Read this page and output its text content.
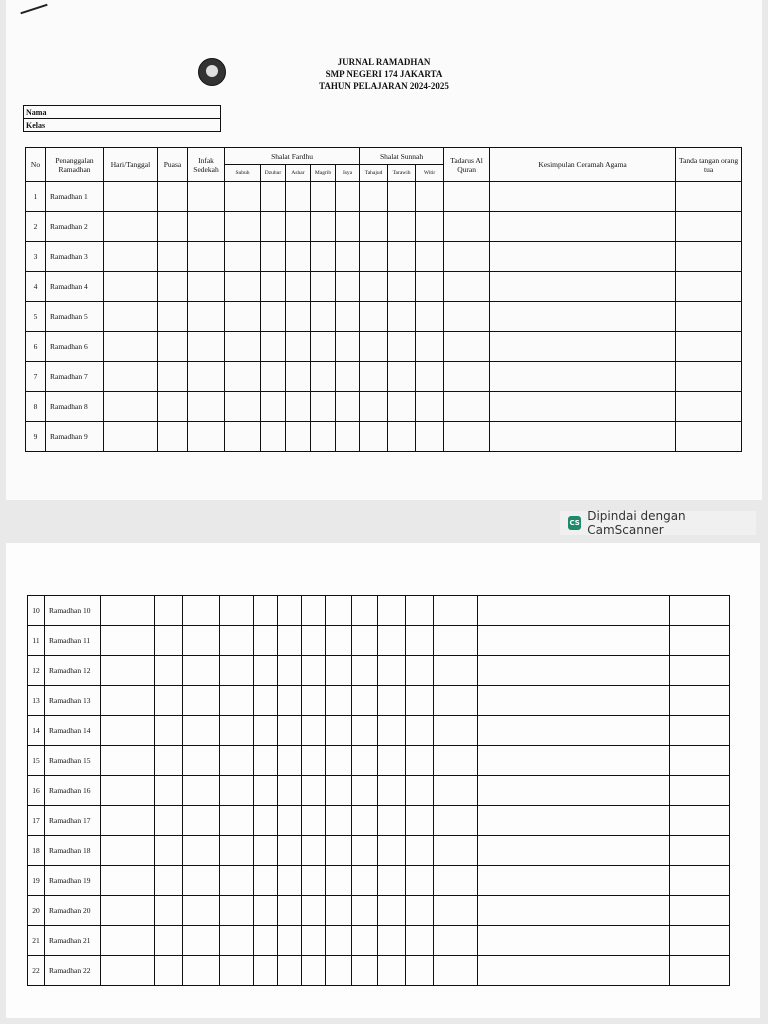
JURNAL RAMADHAN
SMP NEGERI 174 JAKARTA
TAHUN PELAJARAN 2024-2025
Nama
Kelas
No	Penanggalan Ramadhan	Hari/Tanggal	Puasa	Infak Sedekah	Shalat Fardhu					Shalat Sunnah			Tadarus Al Quran	Kesimpulan Ceramah Agama	Tanda tangan orang tua
					Subuh	Dzuhur	Ashar	Magrib	Isya	Tahajud	Tarawih	Witir			
1	Ramadhan 1														
2	Ramadhan 2														
3	Ramadhan 3														
4	Ramadhan 4														
5	Ramadhan 5														
6	Ramadhan 6														
7	Ramadhan 7														
8	Ramadhan 8														
9	Ramadhan 9														
CS Dipindai dengan CamScanner
10	Ramadhan 10														
11	Ramadhan 11														
12	Ramadhan 12														
13	Ramadhan 13														
14	Ramadhan 14														
15	Ramadhan 15														
16	Ramadhan 16														
17	Ramadhan 17														
18	Ramadhan 18														
19	Ramadhan 19														
20	Ramadhan 20														
21	Ramadhan 21														
22	Ramadhan 22														
